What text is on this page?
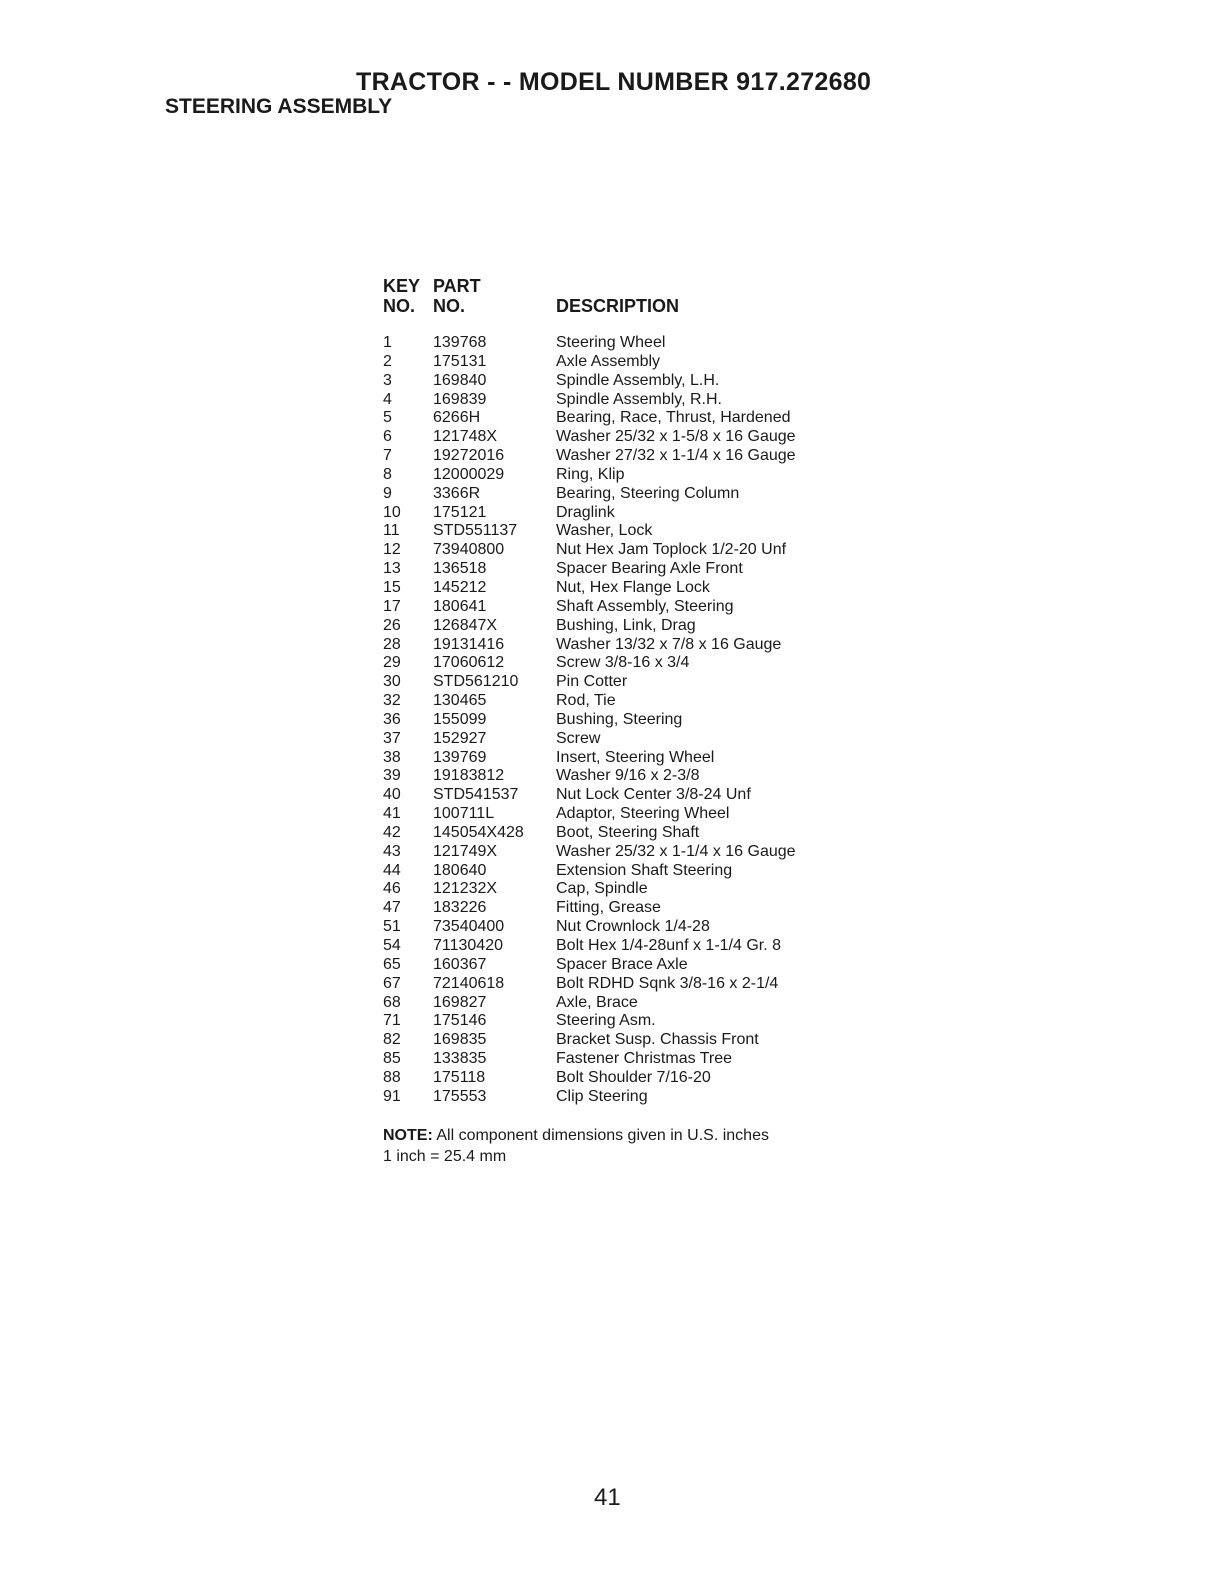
TRACTOR - - MODEL NUMBER 917.272680
STEERING ASSEMBLY
KEY
NO.
PART
NO.	DESCRIPTION
1	139768	Steering Wheel
2	175131	Axle Assembly
3	169840	Spindle Assembly, L.H.
4	169839	Spindle Assembly, R.H.
5	6266H	Bearing, Race, Thrust, Hardened
6	121748X	Washer 25/32 x 1-5/8 x 16 Gauge
7	19272016	Washer 27/32 x 1-1/4 x 16 Gauge
8	12000029	Ring, Klip
9	3366R	Bearing, Steering Column
10 175121	Draglink
11 STD551137 Washer, Lock
12 73940800	Nut Hex Jam Toplock 1/2-20 Unf
13 136518	Spacer Bearing Axle Front
15 145212	Nut, Hex Flange Lock
17 180641	Shaft Assembly, Steering
26 126847X	Bushing, Link, Drag
28 19131416	Washer 13/32 x 7/8 x 16 Gauge
29 17060612	Screw 3/8-16 x 3/4
30 STD561210 Pin Cotter
32 130465	Rod, Tie
36 155099	Bushing, Steering
37 152927	Screw
38 139769	Insert, Steering Wheel
39 19183812	Washer 9/16 x 2-3/8
40 STD541537 Nut Lock Center 3/8-24 Unf
41 100711L	Adaptor, Steering Wheel
42 145054X428 Boot, Steering Shaft
43 121749X	Washer 25/32 x 1-1/4 x 16 Gauge
44 180640	Extension Shaft Steering
46 121232X	Cap, Spindle
47 183226	Fitting, Grease
51 73540400	Nut Crownlock 1/4-28
54 71130420	Bolt Hex 1/4-28unf x 1-1/4 Gr. 8
65 160367	Spacer Brace Axle
67 72140618	Bolt RDHD Sqnk 3/8-16 x 2-1/4
68 169827	Axle, Brace
71 175146	Steering Asm.
82 169835	Bracket Susp. Chassis Front
85 133835	Fastener Christmas Tree
88 175118	Bolt Shoulder 7/16-20
91 175553	Clip Steering
NOTE: All component dimensions given in U.S. inches
1 inch = 25.4 mm
41
